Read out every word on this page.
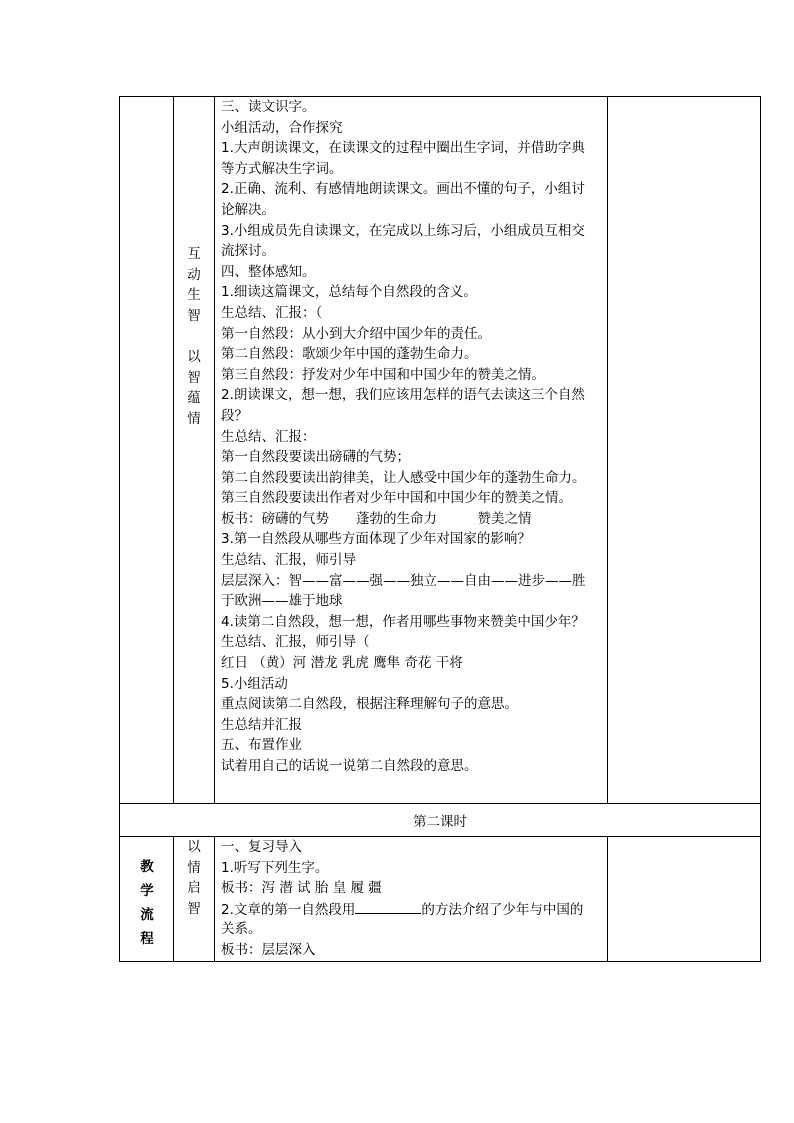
互
动
生
智
以
智
蕴
情
三、读文识字。
小组活动，合作探究
1.大声朗读课文，在读课文的过程中圈出生字词，并借助字典
等方式解决生字词。
2.正确、流利、有感情地朗读课文。画出不懂的句子，小组讨
论解决。
3.小组成员先自读课文，在完成以上练习后，小组成员互相交
流探讨。
四、整体感知。
1.细读这篇课文，总结每个自然段的含义。
生总结、汇报：（
第一自然段：从小到大介绍中国少年的责任。
第二自然段：歌颂少年中国的蓬勃生命力。
第三自然段：抒发对少年中国和中国少年的赞美之情。
2.朗读课文，想一想，我们应该用怎样的语气去读这三个自然
段？
生总结、汇报：
第一自然段要读出磅礴的气势；
第二自然段要读出韵律美，让人感受中国少年的蓬勃生命力。
第三自然段要读出作者对少年中国和中国少年的赞美之情。
板书：磅礴的气势　　蓬勃的生命力　　　赞美之情
3.第一自然段从哪些方面体现了少年对国家的影响？
生总结、汇报，师引导
层层深入：智——富——强——独立——自由——进步——胜
于欧洲——雄于地球
4.读第二自然段，想一想，作者用哪些事物来赞美中国少年？
生总结、汇报，师引导（
红日 （黄）河 潜龙 乳虎 鹰隼 奇花 干将
5.小组活动
重点阅读第二自然段，根据注释理解句子的意思。
生总结并汇报
五、布置作业
试着用自己的话说一说第二自然段的意思。
第二课时
教
学
流
程
以
情
启
智
一、复习导入
1.听写下列生字。
板书：泻 潜 试 胎 皇 履 疆
2.文章的第一自然段用	的方法介绍了少年与中国的
关系。
板书：层层深入
